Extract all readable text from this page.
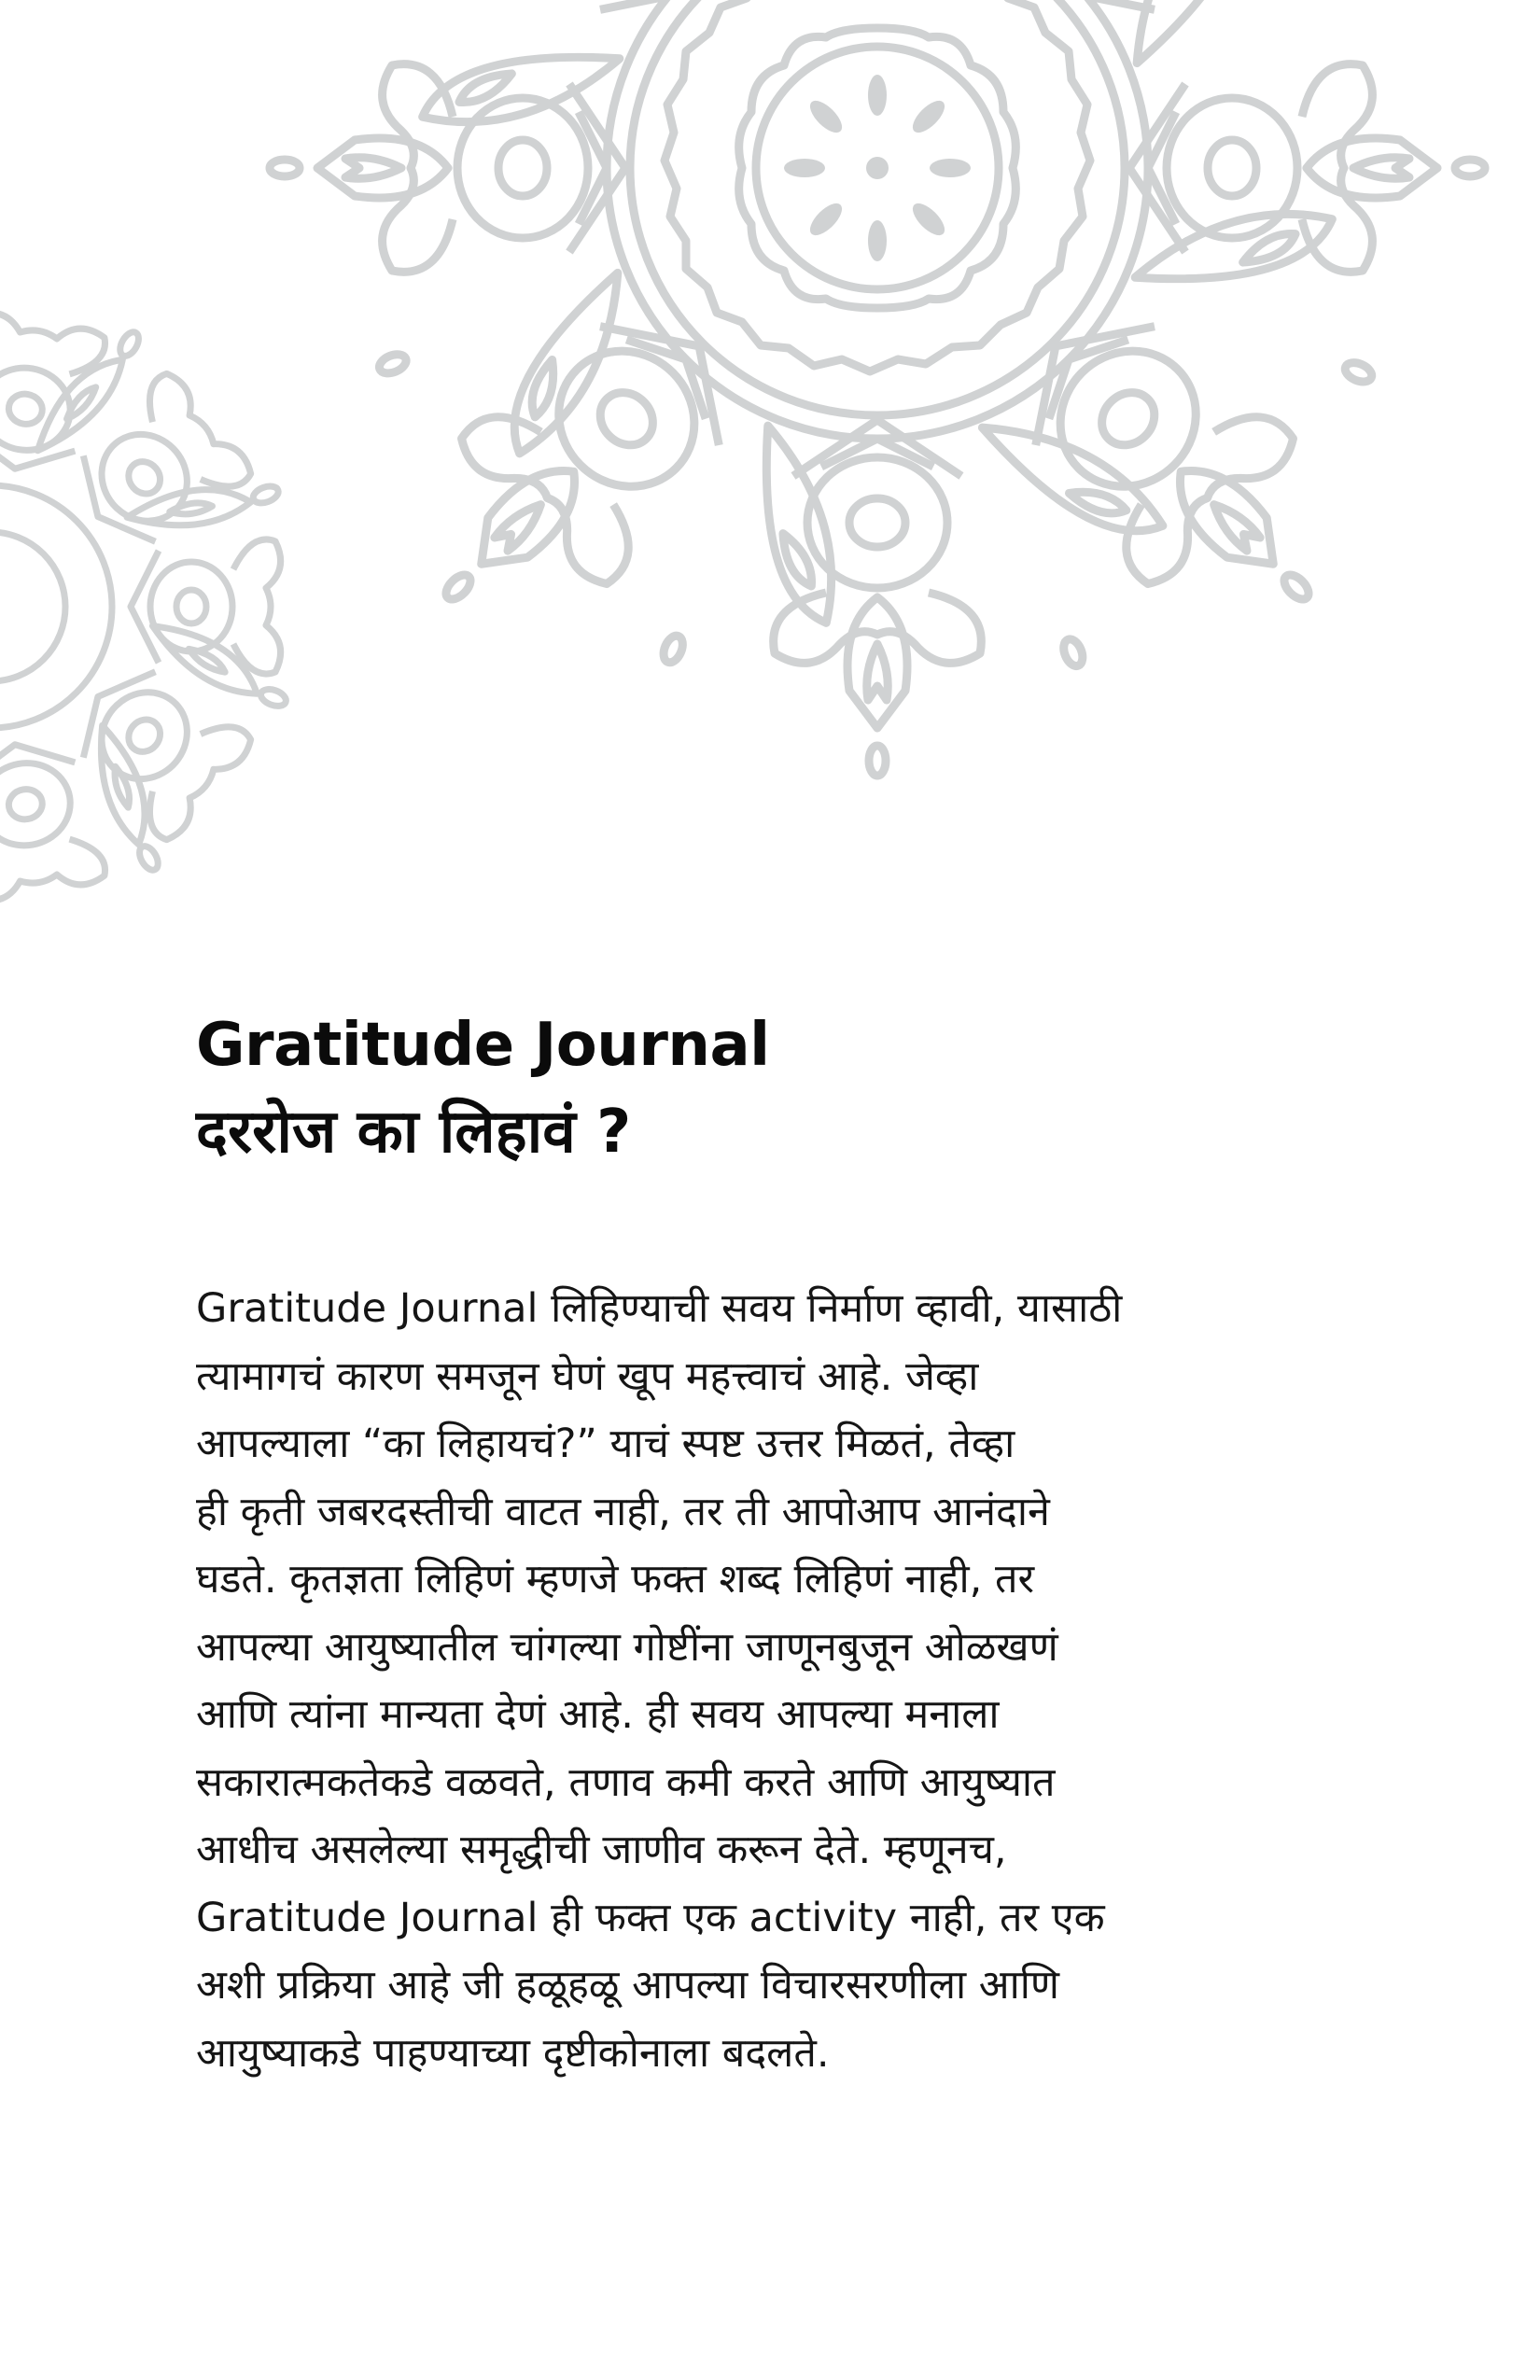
Gratitude Journal
दररोज का लिहावं ?
Gratitude Journal लिहिण्याची सवय निर्माण व्हावी, यासाठी
त्यामागचं कारण समजून घेणं खूप महत्त्वाचं आहे. जेव्हा
आपल्याला “का लिहायचं?” याचं स्पष्ट उत्तर मिळतं, तेव्हा
ही कृती जबरदस्तीची वाटत नाही, तर ती आपोआप आनंदाने
घडते. कृतज्ञता लिहिणं म्हणजे फक्त शब्द लिहिणं नाही, तर
आपल्या आयुष्यातील चांगल्या गोष्टींना जाणूनबुजून ओळखणं
आणि त्यांना मान्यता देणं आहे. ही सवय आपल्या मनाला
सकारात्मकतेकडे वळवते, तणाव कमी करते आणि आयुष्यात
आधीच असलेल्या समृद्धीची जाणीव करून देते. म्हणूनच,
Gratitude Journal ही फक्त एक activity नाही, तर एक
अशी प्रक्रिया आहे जी हळूहळू आपल्या विचारसरणीला आणि
आयुष्याकडे पाहण्याच्या दृष्टीकोनाला बदलते.
